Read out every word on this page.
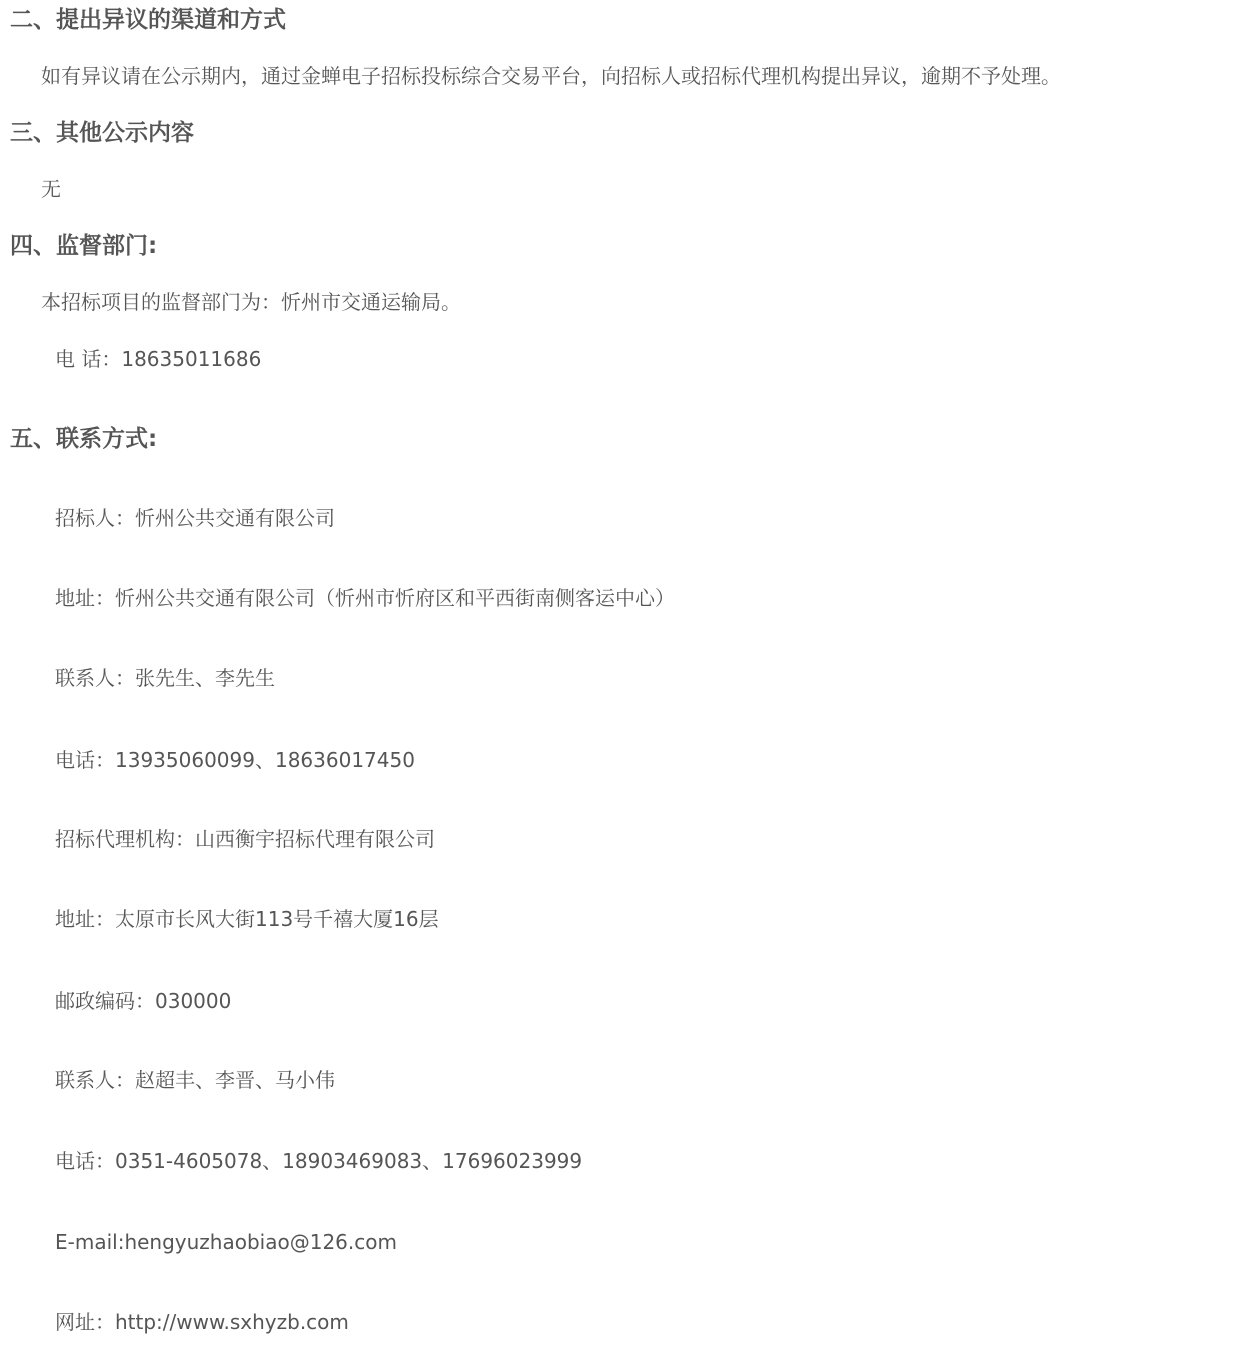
二、提出异议的渠道和方式

如有异议请在公示期内，通过金蝉电子招标投标综合交易平台，向招标人或招标代理机构提出异议，逾期不予处理。

三、其他公示内容

无

四、监督部门:

本招标项目的监督部门为：忻州市交通运输局。

电 话：18635011686

五、联系方式:

招标人：忻州公共交通有限公司

地址：忻州公共交通有限公司（忻州市忻府区和平西街南侧客运中心）

联系人：张先生、李先生

电话：13935060099、18636017450

招标代理机构：山西衡宇招标代理有限公司

地址：太原市长风大街113号千禧大厦16层

邮政编码：030000

联系人：赵超丰、李晋、马小伟

电话：0351-4605078、18903469083、17696023999

E-mail:hengyuzhaobiao@126.com

网址：http://www.sxhyzb.com
